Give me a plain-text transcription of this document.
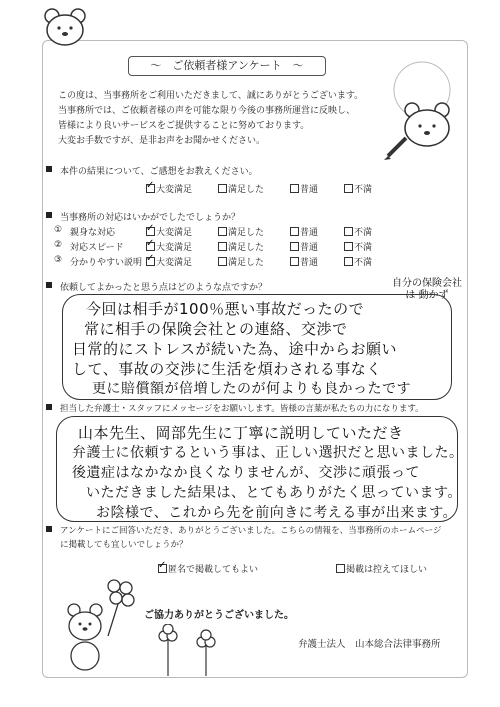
～　ご依頼者様アンケート　～
この度は、当事務所をご利用いただきまして、誠にありがとうございます。
当事務所では、ご依頼者様の声を可能な限り今後の事務所運営に反映し、
皆様により良いサービスをご提供することに努めております。
大変お手数ですが、是非お声をお聞かせください。
本件の結果について、ご感想をお教えください。
✓大変満足	満足した	普通	不満
当事務所の対応はいかがでしたでしょうか？
① 親身な対応 ✓	大変満足	満足した	普通	不満
② 対応スピード ✓	大変満足	満足した	普通	不満
③ 分かりやすい説明 ✓	大変満足	満足した	普通	不満
依頼してよかったと思う点はどのような点ですか？	自分の保険会社は 動かず
今回は相手が100％悪い事故だったので
常に相手の保険会社との連絡、交渉で
日常的にストレスが続いた為、途中からお願い
して、事故の交渉に生活を煩わされる事なく
更に賠償額が倍増したのが何よりも良かったです
担当した弁護士・スタッフにメッセージをお願いします。皆様の言葉が私たちの力になります。
山本先生、岡部先生に丁寧に説明していただき
弁護士に依頼するという事は、正しい選択だと思いました。
後遺症はなかなか良くなりませんが、交渉に頑張って
いただきました結果は、とてもありがたく思っています。
お陰様で、これから先を前向きに考える事が出来ます。
アンケートにご回答いただき、ありがとうございました。こちらの情報を、当事務所のホームページ
に掲載しても宜しいでしょうか？
✓匿名で掲載してもよい	掲載は控えてほしい
ご協力ありがとうございました。
弁護士法人　山本総合法律事務所
